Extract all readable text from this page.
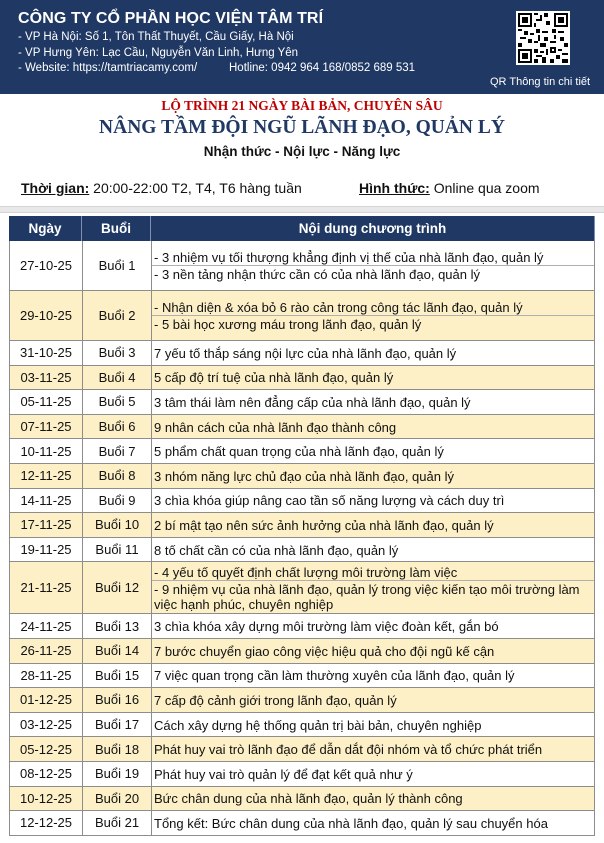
CÔNG TY CỔ PHẦN HỌC VIỆN TÂM TRÍ
- VP Hà Nội: Số 1, Tôn Thất Thuyết, Cầu Giấy, Hà Nội
- VP Hưng Yên: Lạc Cầu, Nguyễn Văn Linh, Hưng Yên
- Website: https://tamtriacamy.com/	Hotline: 0942 964 168/0852 689 531
QR Thông tin chi tiết
LỘ TRÌNH 21 NGÀY BÀI BẢN, CHUYÊN SÂU
NÂNG TẦM ĐỘI NGŨ LÃNH ĐẠO, QUẢN LÝ
Nhận thức - Nội lực - Năng lực
Thời gian: 20:00-22:00 T2, T4, T6 hàng tuần	Hình thức: Online qua zoom
Ngày	Buổi	Nội dung chương trình
27-10-25	Buổi 1
- 3 nhiệm vụ tối thượng khẳng định vị thế của nhà lãnh đạo, quản lý
- 3 nền tảng nhận thức cần có của nhà lãnh đạo, quản lý
29-10-25	Buổi 2
- Nhận diện & xóa bỏ 6 rào cản trong công tác lãnh đạo, quản lý
- 5 bài học xương máu trong lãnh đạo, quản lý
31-10-25	Buổi 3	7 yếu tố thắp sáng nội lực của nhà lãnh đạo, quản lý
03-11-25	Buổi 4	5 cấp độ trí tuệ của nhà lãnh đạo, quản lý
05-11-25	Buổi 5	3 tâm thái làm nên đẳng cấp của nhà lãnh đạo, quản lý
07-11-25	Buổi 6	9 nhân cách của nhà lãnh đạo thành công
10-11-25	Buổi 7	5 phẩm chất quan trọng của nhà lãnh đạo, quản lý
12-11-25	Buổi 8	3 nhóm năng lực chủ đạo của nhà lãnh đạo, quản lý
14-11-25	Buổi 9	3 chìa khóa giúp nâng cao tần số năng lượng và cách duy trì
17-11-25	Buổi 10	2 bí mật tạo nên sức ảnh hưởng của nhà lãnh đạo, quản lý
19-11-25	Buổi 11	8 tố chất cần có của nhà lãnh đạo, quản lý
21-11-25	Buổi 12
- 4 yếu tố quyết định chất lượng môi trường làm việc
- 9 nhiệm vụ của nhà lãnh đạo, quản lý trong việc kiến tạo môi trường làm việc hạnh phúc, chuyên nghiệp
24-11-25	Buổi 13	3 chìa khóa xây dựng môi trường làm việc đoàn kết, gắn bó
26-11-25	Buổi 14	7 bước chuyển giao công việc hiệu quả cho đội ngũ kế cận
28-11-25	Buổi 15	7 việc quan trọng cần làm thường xuyên của lãnh đạo, quản lý
01-12-25	Buổi 16	7 cấp độ cảnh giới trong lãnh đạo, quản lý
03-12-25	Buổi 17	Cách xây dựng hệ thống quản trị bài bản, chuyên nghiệp
05-12-25	Buổi 18	Phát huy vai trò lãnh đạo để dẫn dắt đội nhóm và tổ chức phát triển
08-12-25	Buổi 19	Phát huy vai trò quản lý để đạt kết quả như ý
10-12-25	Buổi 20	Bức chân dung của nhà lãnh đạo, quản lý thành công
12-12-25	Buổi 21	Tổng kết: Bức chân dung của nhà lãnh đạo, quản lý sau chuyển hóa
